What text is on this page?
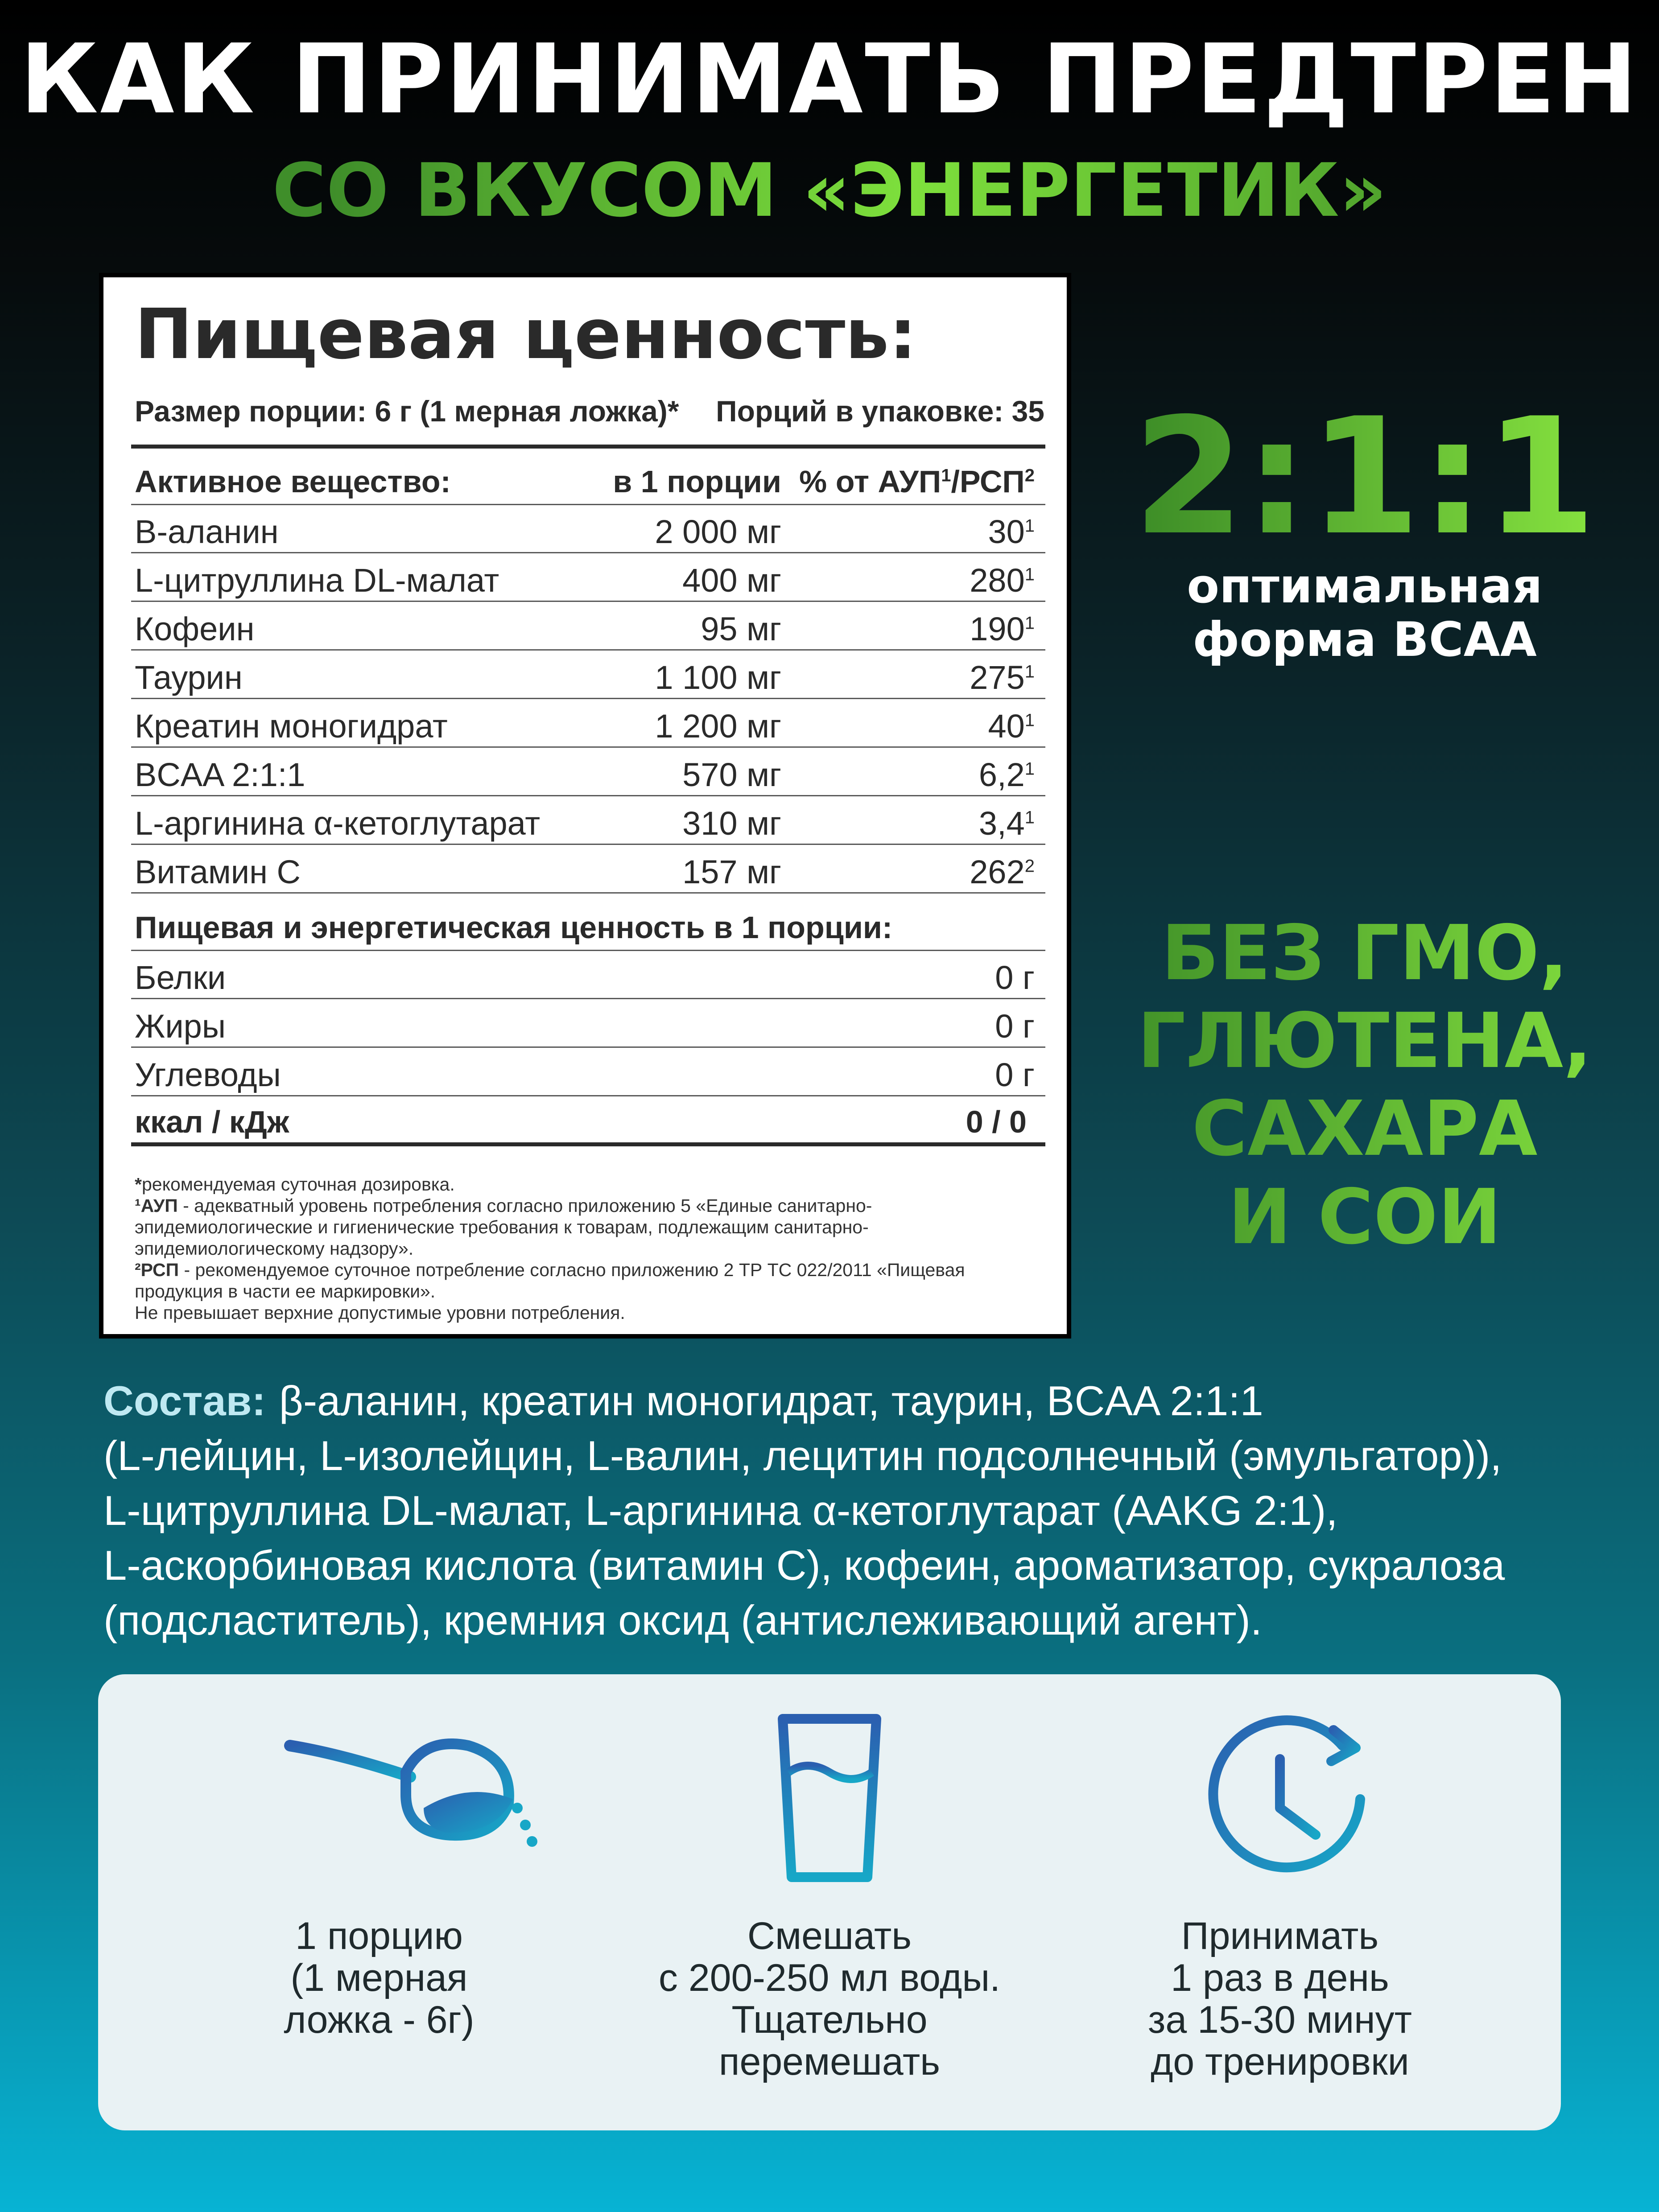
КАК ПРИНИМАТЬ ПРЕДТРЕН
СО ВКУСОМ «ЭНЕРГЕТИК»
Пищевая ценность:
Размер порции: 6 г (1 мерная ложка)* Порций в упаковке: 35
Активное вещество:	в 1 порции % от АУП$^1$/РСП$^2$
B-аланин	2 000 мг	$30^1$
L-цитруллина DL-малат	400 мг	$280^1$
Кофеин	95 мг	$190^1$
Таурин	1 100 мг	$275^1$
Креатин моногидрат	1 200 мг	$40^1$
BCAA 2:1:1	570 мг	$6,2^1$
L-аргинина α-кетоглутарат	310 мг	$3,4^1$
Витамин С	157 мг	$262^2$
Пищевая и энергетическая ценность в 1 порции:
Белки	0 г
Жиры	0 г
Углеводы	0 г
ккал / кДж	0 / 0
*рекомендуемая суточная дозировка.
¹АУП - адекватный уровень потребления согласно приложению 5 «Единые санитарно-
эпидемиологические и гигиенические требования к товарам, подлежащим санитарно-
эпидемиологическому надзору».
²РСП - рекомендуемое суточное потребление согласно приложению 2 ТР ТС 022/2011 «Пищевая
продукция в части ее маркировки».
Не превышает верхние допустимые уровни потребления.
2:1:1
оптимальная
форма BCAA
БЕЗ ГМО,
ГЛЮТЕНА,
САХАРА
И СОИ
Состав: β-аланин, креатин моногидрат, таурин, BCAA 2:1:1
(L-лейцин, L-изолейцин, L-валин, лецитин подсолнечный (эмульгатор)),
L-цитруллина DL-малат, L-аргинина α-кетоглутарат (AAKG 2:1),
L-аскорбиновая кислота (витамин С), кофеин, ароматизатор, сукралоза
(подсластитель), кремния оксид (антислеживающий агент).
1 порцию
(1 мерная
ложка - 6г)
Смешать
с 200-250 мл воды.
Тщательно
перемешать
Принимать
1 раз в день
за 15-30 минут
до тренировки
